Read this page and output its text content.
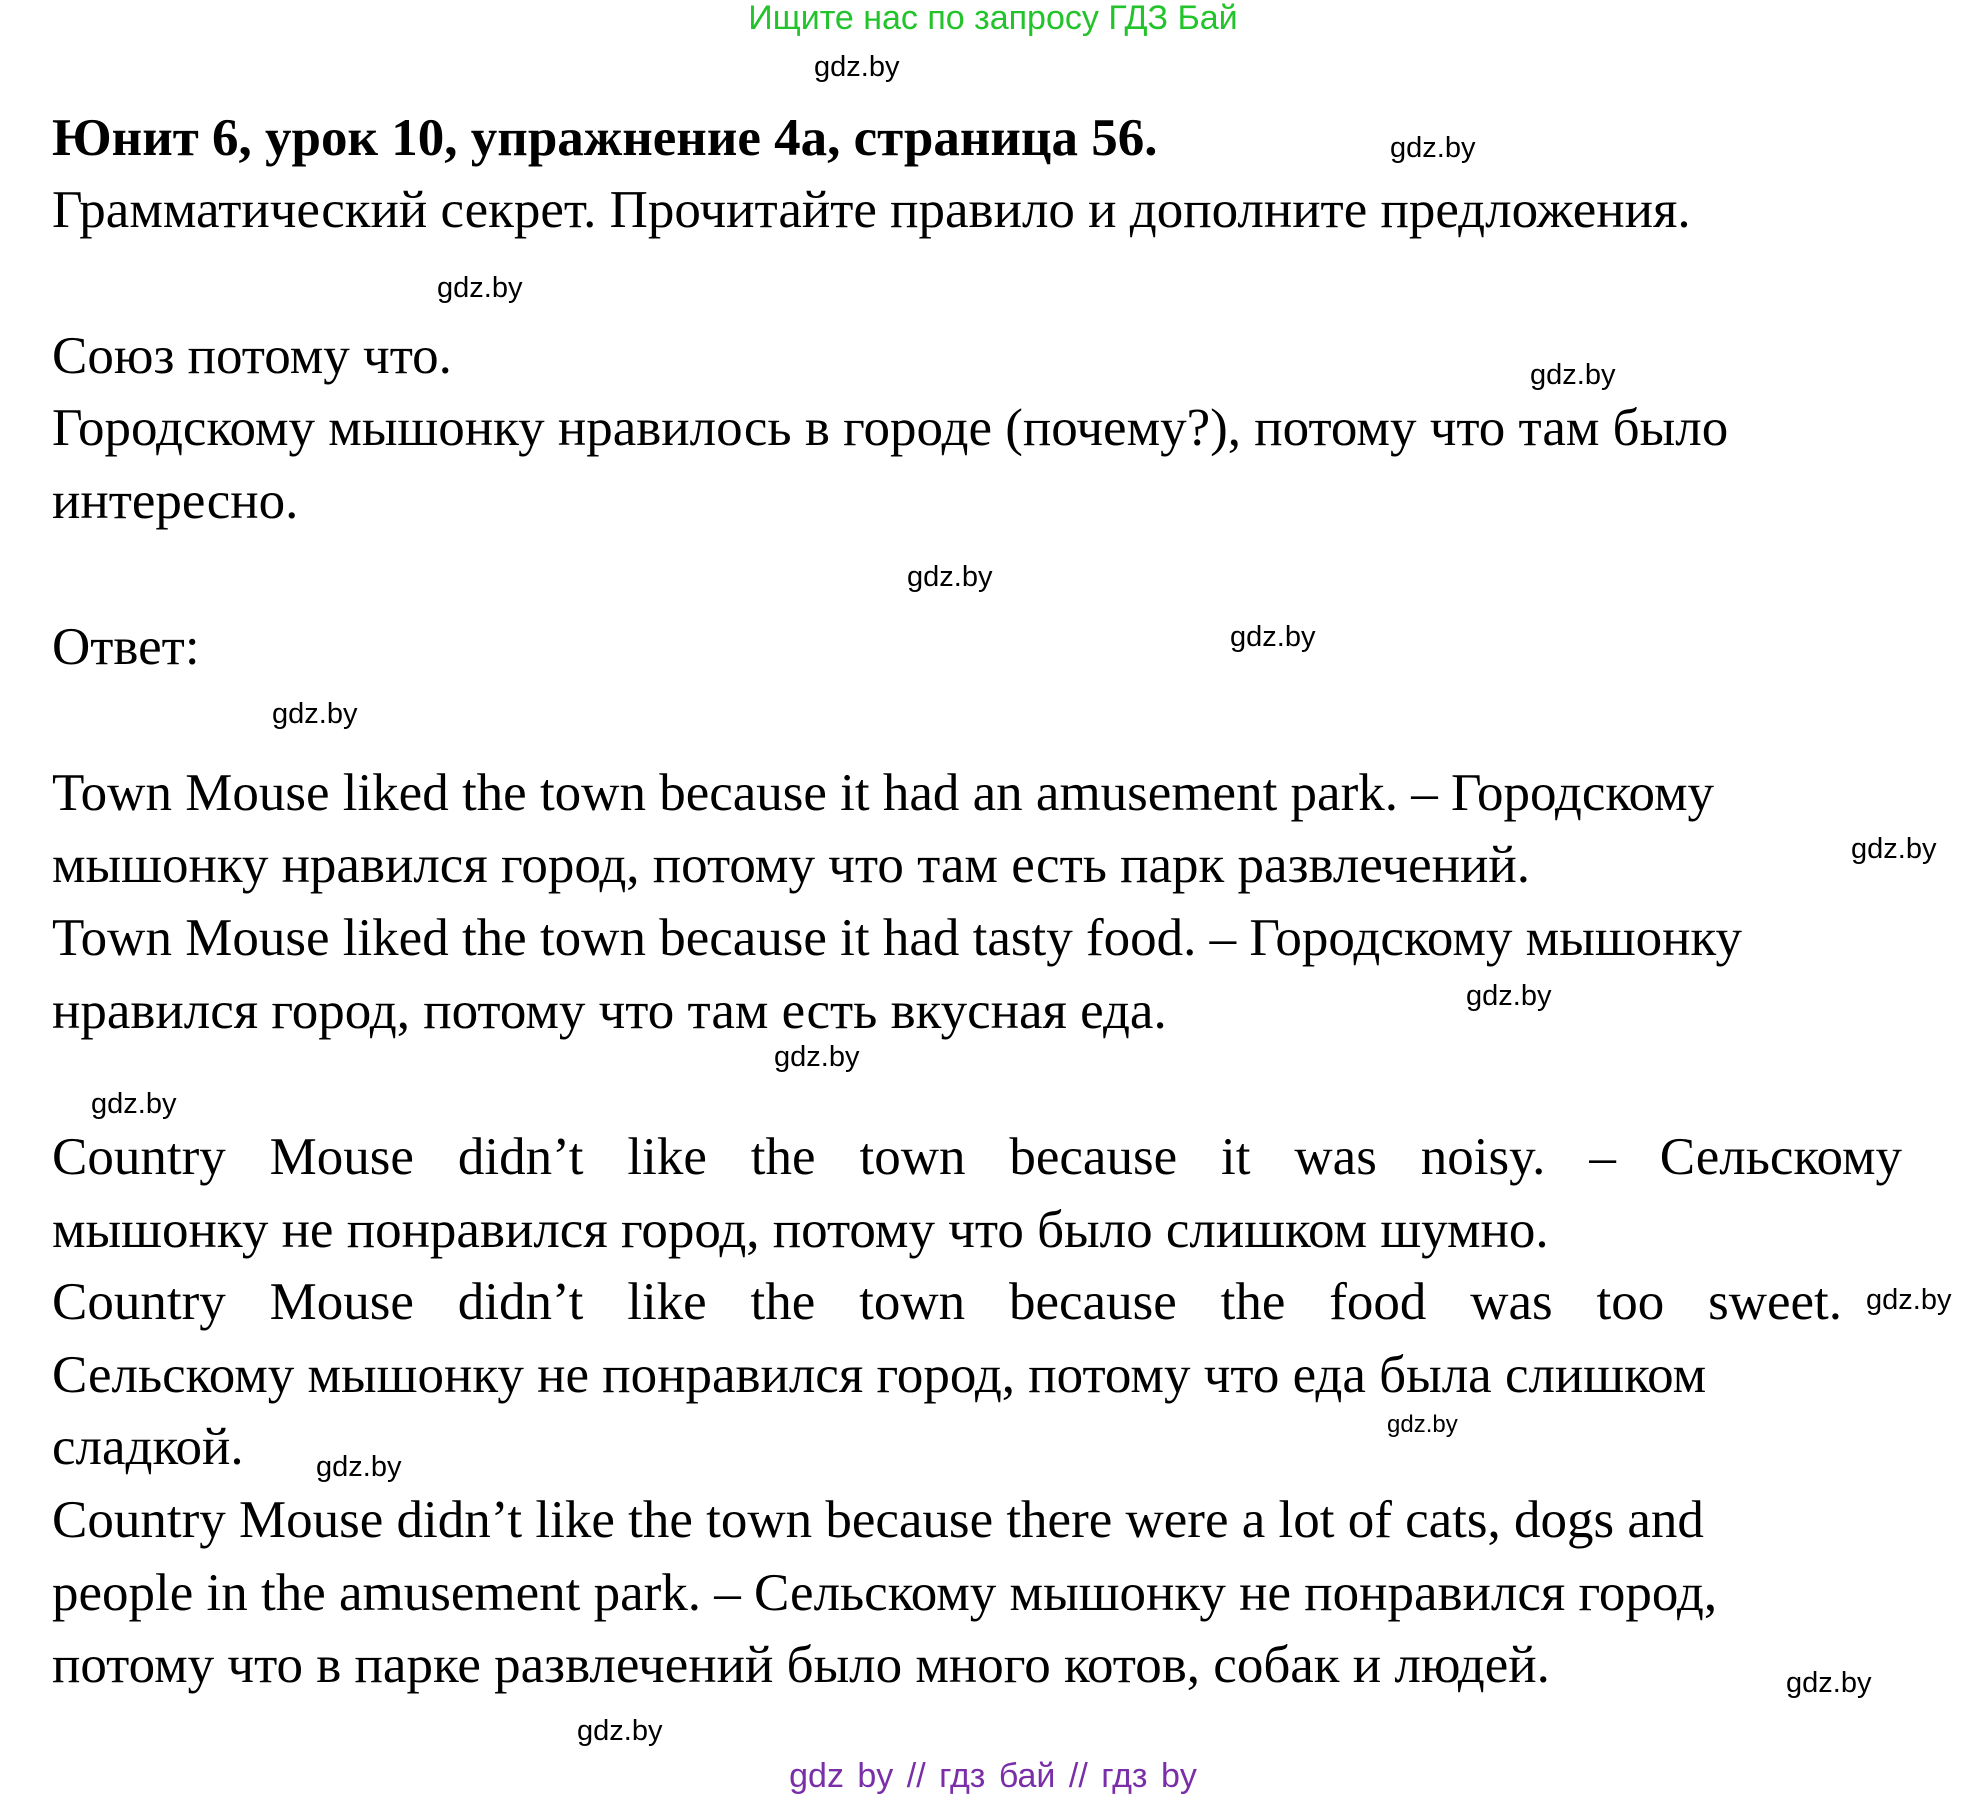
Ищите нас по запросу ГДЗ Бай
gdz.by
gdz.by
gdz.by
gdz.by
gdz.by
gdz.by
gdz.by
gdz.by
gdz.by
gdz.by
gdz.by
gdz.by
gdz.by
gdz.by
gdz.by
gdz.by
Юнит 6, урок 10, упражнение 4а, страница 56.
Грамматический секрет. Прочитайте правило и дополните предложения.
Союз потому что.
Городскому мышонку нравилось в городе (почему?), потому что там было
интересно.
Ответ:
Town Mouse liked the town because it had an amusement park. – Городскому
мышонку нравился город, потому что там есть парк развлечений.
Town Mouse liked the town because it had tasty food. – Городскому мышонку
нравился город, потому что там есть вкусная еда.
Country Mouse didn’t like the town because it was noisy. – Сельскому
мышонку не понравился город, потому что было слишком шумно.
Country Mouse didn’t like the town because the food was too sweet.
Сельскому мышонку не понравился город, потому что еда была слишком
сладкой.
Country Mouse didn’t like the town because there were a lot of cats, dogs and
people in the amusement park. – Сельскому мышонку не понравился город,
потому что в парке развлечений было много котов, собак и людей.
gdz by // гдз бай // гдз by
